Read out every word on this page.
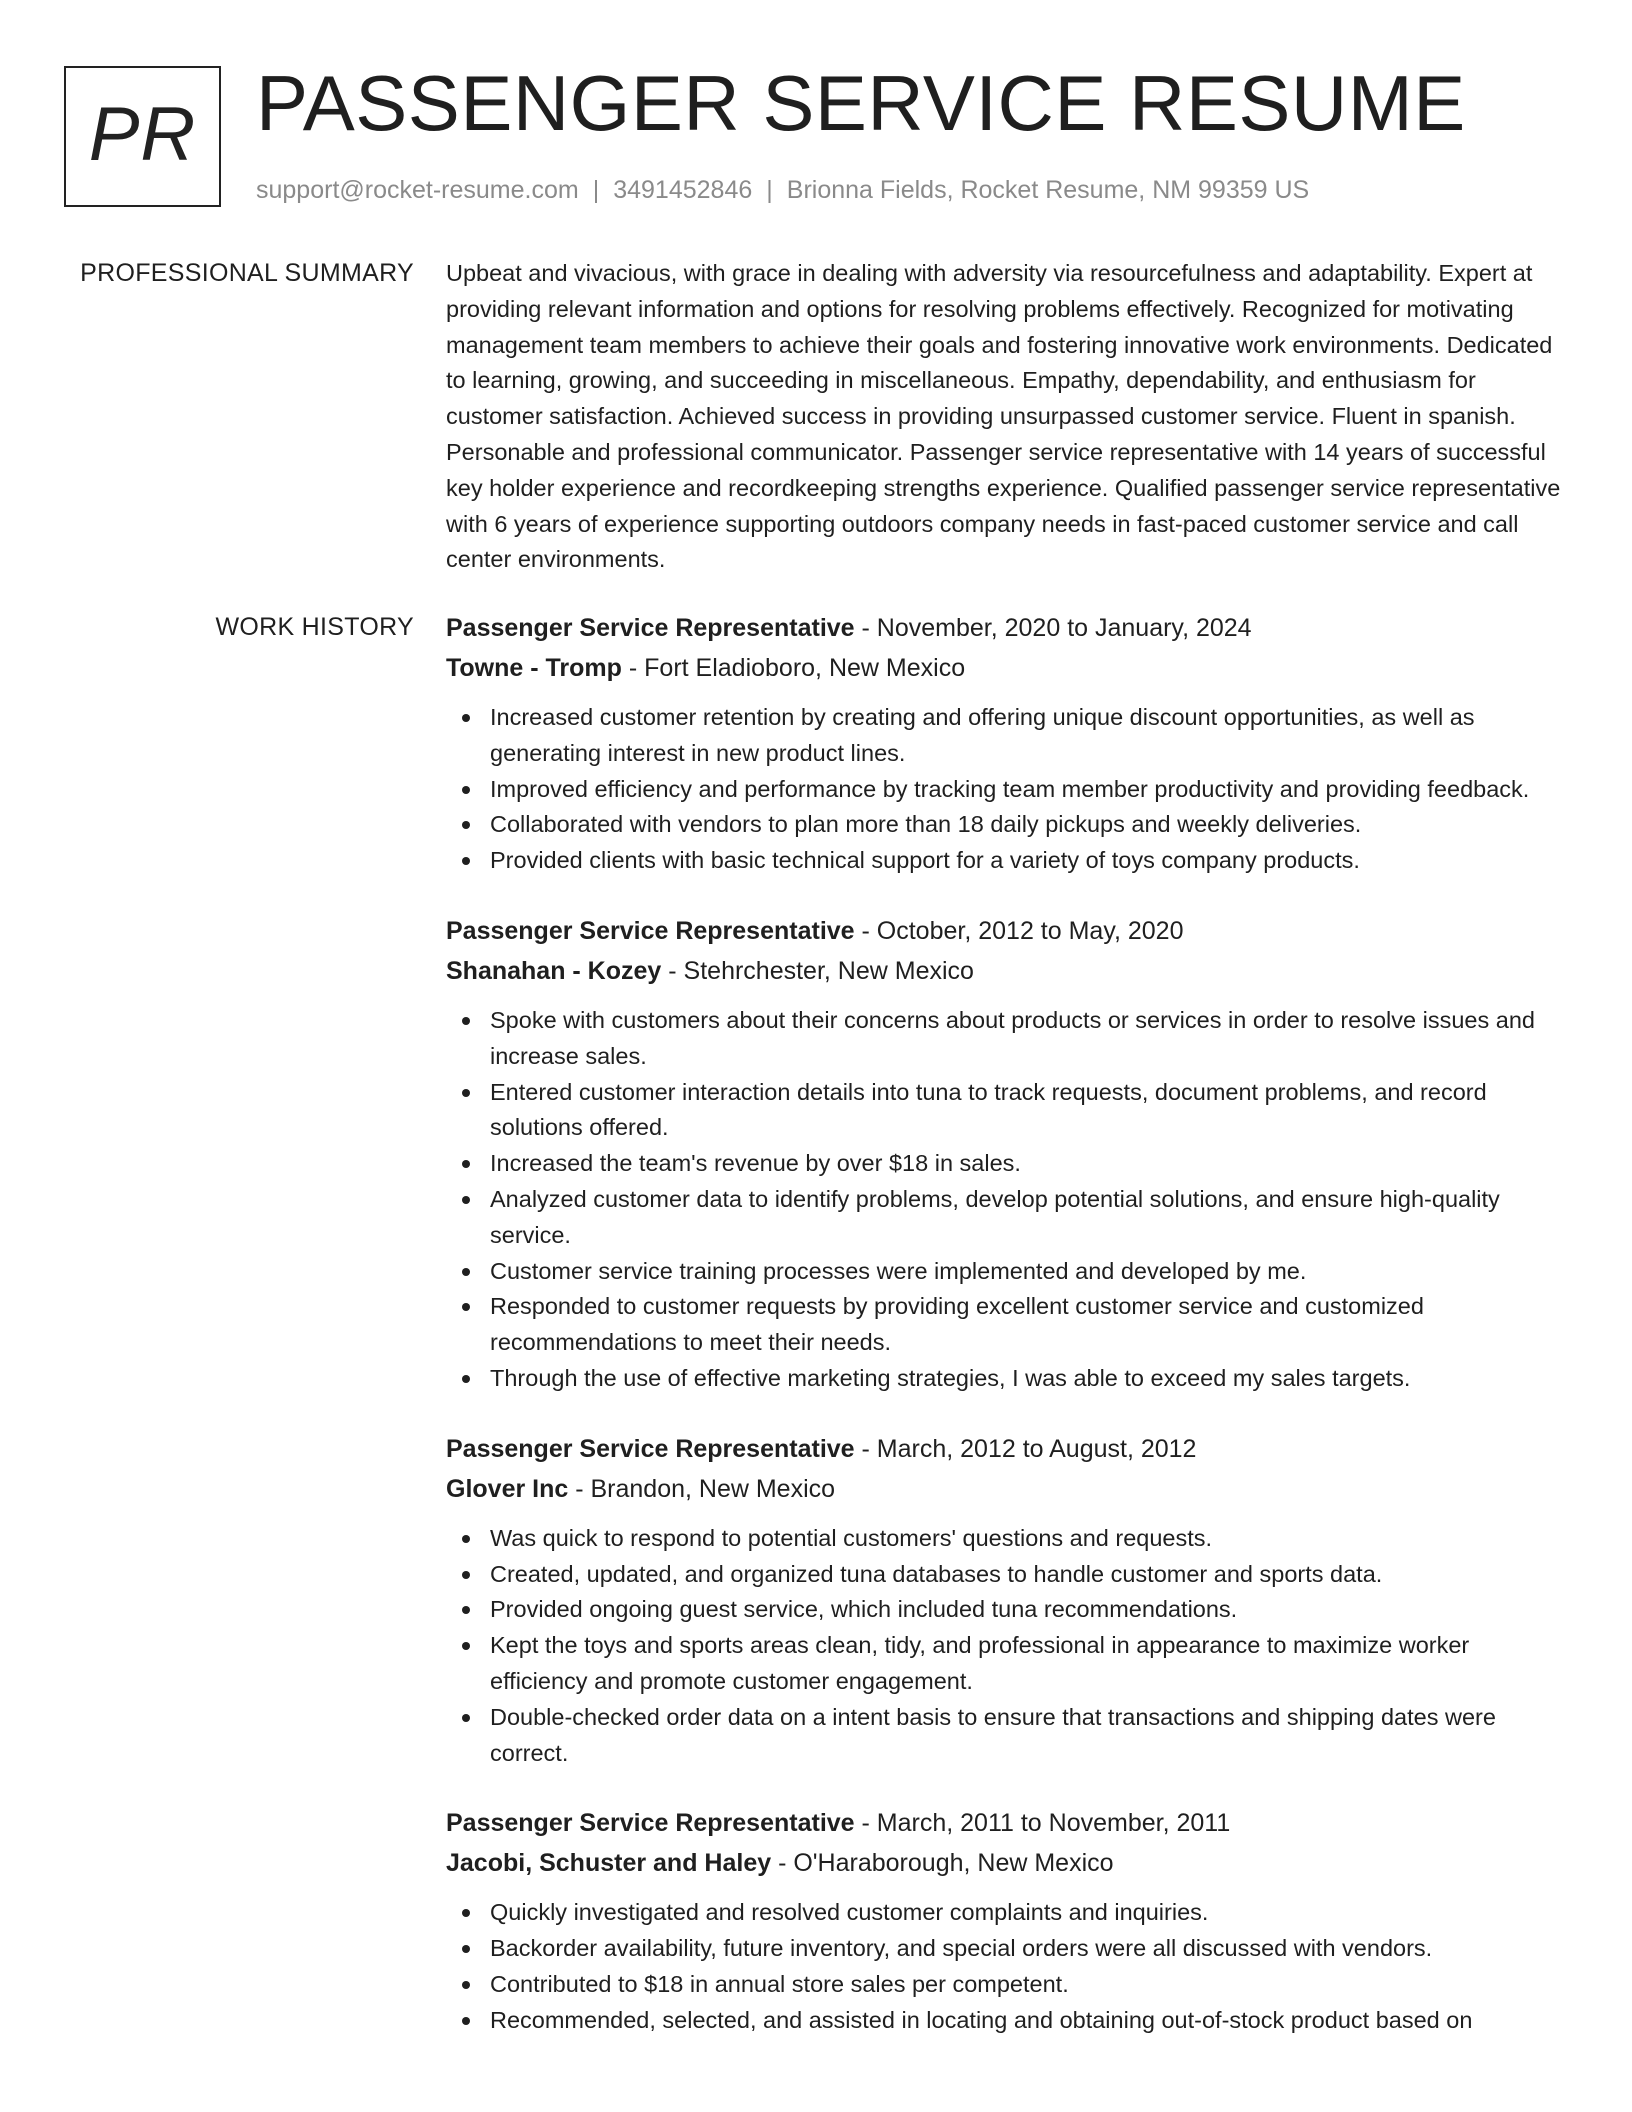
PR PASSENGER SERVICE RESUME
support@rocket-resume.com | 3491452846 | Brionna Fields, Rocket Resume, NM 99359 US
PROFESSIONAL SUMMARY Upbeat and vivacious, with grace in dealing with adversity via resourcefulness and adaptability. Expert at providing relevant information and options for resolving problems effectively. Recognized for motivating management team members to achieve their goals and fostering innovative work environments. Dedicated to learning, growing, and succeeding in miscellaneous. Empathy, dependability, and enthusiasm for customer satisfaction. Achieved success in providing unsurpassed customer service. Fluent in spanish. Personable and professional communicator. Passenger service representative with 14 years of successful key holder experience and recordkeeping strengths experience. Qualified passenger service representative with 6 years of experience supporting outdoors company needs in fast-paced customer service and call center environments.

WORK HISTORY Passenger Service Representative - November, 2020 to January, 2024
Towne - Tromp - Fort Eladioboro, New Mexico
Increased customer retention by creating and offering unique discount opportunities, as well as generating interest in new product lines.
Improved efficiency and performance by tracking team member productivity and providing feedback.
Collaborated with vendors to plan more than 18 daily pickups and weekly deliveries.
Provided clients with basic technical support for a variety of toys company products.
Passenger Service Representative - October, 2012 to May, 2020
Shanahan - Kozey - Stehrchester, New Mexico
Spoke with customers about their concerns about products or services in order to resolve issues and increase sales.
Entered customer interaction details into tuna to track requests, document problems, and record solutions offered.
Increased the team's revenue by over $18 in sales.
Analyzed customer data to identify problems, develop potential solutions, and ensure high-quality service.
Customer service training processes were implemented and developed by me.
Responded to customer requests by providing excellent customer service and customized recommendations to meet their needs.
Through the use of effective marketing strategies, I was able to exceed my sales targets.
Passenger Service Representative - March, 2012 to August, 2012
Glover Inc - Brandon, New Mexico
Was quick to respond to potential customers' questions and requests.
Created, updated, and organized tuna databases to handle customer and sports data.
Provided ongoing guest service, which included tuna recommendations.
Kept the toys and sports areas clean, tidy, and professional in appearance to maximize worker efficiency and promote customer engagement.
Double-checked order data on a intent basis to ensure that transactions and shipping dates were correct.
Passenger Service Representative - March, 2011 to November, 2011
Jacobi, Schuster and Haley - O'Haraborough, New Mexico
Quickly investigated and resolved customer complaints and inquiries.
Backorder availability, future inventory, and special orders were all discussed with vendors.
Contributed to $18 in annual store sales per competent.
Recommended, selected, and assisted in locating and obtaining out-of-stock product based on
